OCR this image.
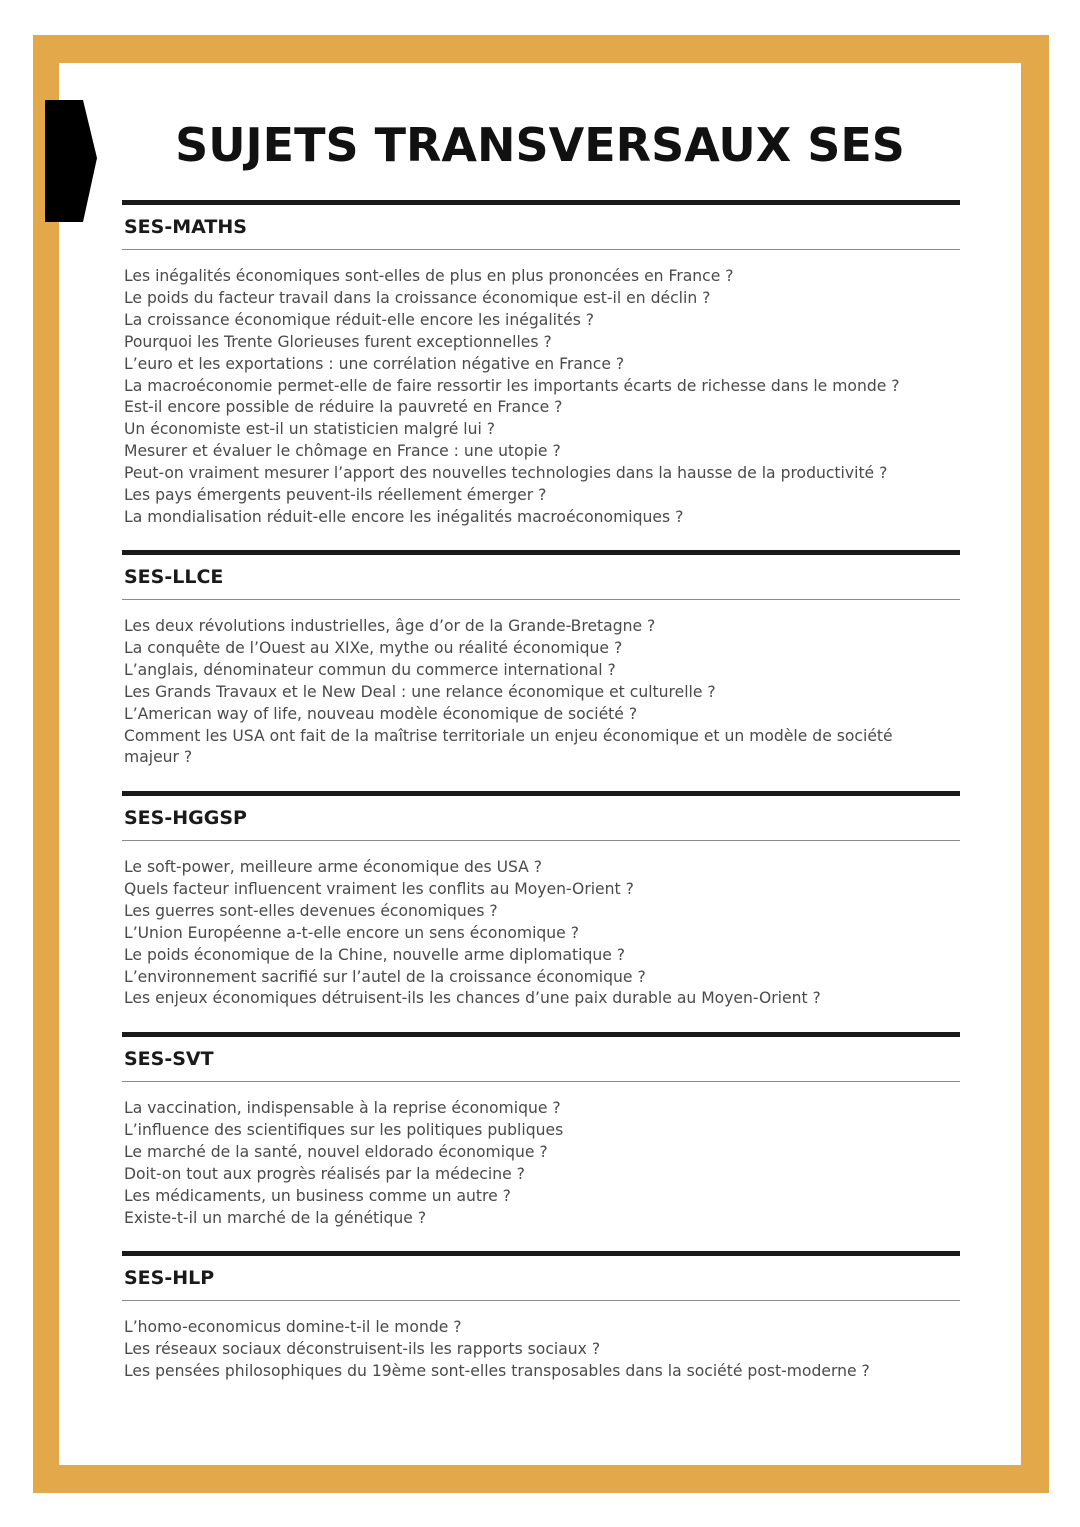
SUJETS TRANSVERSAUX SES
SES-MATHS
Les inégalités économiques sont-elles de plus en plus prononcées en France ?
Le poids du facteur travail dans la croissance économique est-il en déclin ?
La croissance économique réduit-elle encore les inégalités ?
Pourquoi les Trente Glorieuses furent exceptionnelles ?
L’euro et les exportations : une corrélation négative en France ?
La macroéconomie permet-elle de faire ressortir les importants écarts de richesse dans le monde ?
Est-il encore possible de réduire la pauvreté en France ?
Un économiste est-il un statisticien malgré lui ?
Mesurer et évaluer le chômage en France : une utopie ?
Peut-on vraiment mesurer l’apport des nouvelles technologies dans la hausse de la productivité ?
Les pays émergents peuvent-ils réellement émerger ?
La mondialisation réduit-elle encore les inégalités macroéconomiques ?
SES-LLCE
Les deux révolutions industrielles, âge d’or de la Grande-Bretagne ?
La conquête de l’Ouest au XIXe, mythe ou réalité économique ?
L’anglais, dénominateur commun du commerce international ?
Les Grands Travaux et le New Deal : une relance économique et culturelle ?
L’American way of life, nouveau modèle économique de société ?
Comment les USA ont fait de la maîtrise territoriale un enjeu économique et un modèle de société majeur ?
SES-HGGSP
Le soft-power, meilleure arme économique des USA ?
Quels facteur influencent vraiment les conflits au Moyen-Orient ?
Les guerres sont-elles devenues économiques ?
L’Union Européenne a-t-elle encore un sens économique ?
Le poids économique de la Chine, nouvelle arme diplomatique ?
L’environnement sacrifié sur l’autel de la croissance économique ?
Les enjeux économiques détruisent-ils les chances d’une paix durable au Moyen-Orient ?
SES-SVT
La vaccination, indispensable à la reprise économique ?
L’influence des scientifiques sur les politiques publiques
Le marché de la santé, nouvel eldorado économique ?
Doit-on tout aux progrès réalisés par la médecine ?
Les médicaments, un business comme un autre ?
Existe-t-il un marché de la génétique ?
SES-HLP
L’homo-economicus domine-t-il le monde ?
Les réseaux sociaux déconstruisent-ils les rapports sociaux ?
Les pensées philosophiques du 19ème sont-elles transposables dans la société post-moderne ?
